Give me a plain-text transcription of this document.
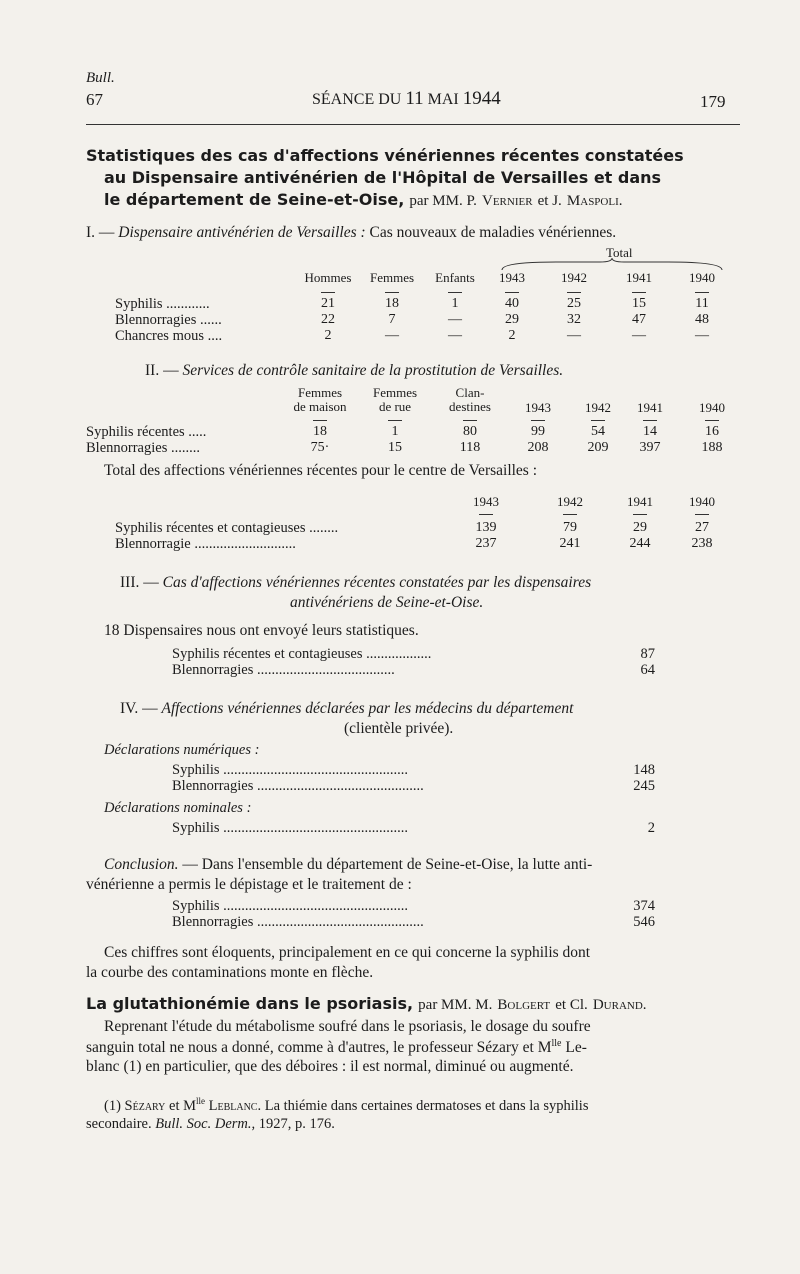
Bull.
67	SÉANCE DU 11 MAI 1944	179
Statistiques des cas d'affections vénériennes récentes constatées
au Dispensaire antivénérien de l'Hôpital de Versailles et dans
le département de Seine-et-Oise, par MM. P. Vernier et J. Maspoli.
I. — Dispensaire antivénérien de Versailles : Cas nouveaux de maladies vénériennes.
Total
Hommes	Femmes	Enfants	1943	1942	1941	1940
Syphilis ............	21	18	1	40	25	15	11
Blennorragies ......	22	7	—	29	32	47	48
Chancres mous ....	2	—	—	2	—	—	—
II. — Services de contrôle sanitaire de la prostitution de Versailles.
Femmes
de maison
Femmes
de rue
Clan-
destines	1943	1942	1941	1940
Syphilis récentes .....	18	1	80	99	54	14	16
Blennorragies ........	75·	15	118	208	209	397	188
Total des affections vénériennes récentes pour le centre de Versailles :
1943	1942	1941	1940
Syphilis récentes et contagieuses ........	139	79	29	27
Blennorragie ............................	237	241	244	238
III. — Cas d'affections vénériennes récentes constatées par les dispensaires
antivénériens de Seine-et-Oise.
18 Dispensaires nous ont envoyé leurs statistiques.
Syphilis récentes et contagieuses ..................	87
Blennorragies ......................................	64
IV. — Affections vénériennes déclarées par les médecins du département
(clientèle privée).
Déclarations numériques :
Syphilis ...................................................	148
Blennorragies ..............................................	245
Déclarations nominales :
Syphilis ...................................................	2
Conclusion. — Dans l'ensemble du département de Seine-et-Oise, la lutte anti-
vénérienne a permis le dépistage et le traitement de :
Syphilis ...................................................	374
Blennorragies ..............................................	546
Ces chiffres sont éloquents, principalement en ce qui concerne la syphilis dont
la courbe des contaminations monte en flèche.
La glutathionémie dans le psoriasis, par MM. M. Bolgert et Cl. Durand.
Reprenant l'étude du métabolisme soufré dans le psoriasis, le dosage du soufre
sanguin total ne nous a donné, comme à d'autres, le professeur Sézary et $M^{lle}$ Le-
blanc (1) en particulier, que des déboires : il est normal, diminué ou augmenté.
(1) Sézary et $M^{lle}$ Leblanc. La thiémie dans certaines dermatoses et dans la syphilis
secondaire. Bull. Soc. Derm., 1927, p. 176.
